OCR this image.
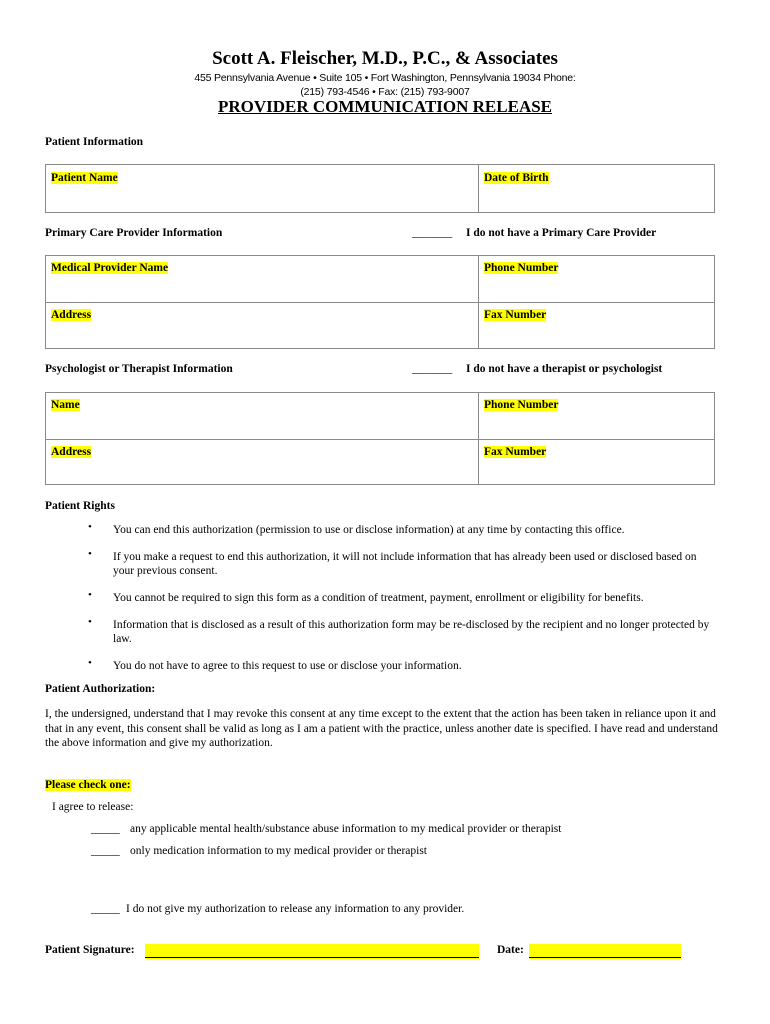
Scott A. Fleischer, M.D., P.C., & Associates
455 Pennsylvania Avenue • Suite 105 • Fort Washington, Pennsylvania 19034 Phone:
(215) 793-4546 • Fax: (215) 793-9007
PROVIDER COMMUNICATION RELEASE
Patient Information
Patient Name	Date of Birth
Primary Care Provider Information	_______ I do not have a Primary Care Provider
Medical Provider Name	Phone Number
Address	Fax Number
Psychologist or Therapist Information	_______ I do not have a therapist or psychologist
Name	Phone Number
Address	Fax Number
Patient Rights
• You can end this authorization (permission to use or disclose information) at any time by contacting this office.
• If you make a request to end this authorization, it will not include information that has already been used or disclosed based on your previous consent.
• You cannot be required to sign this form as a condition of treatment, payment, enrollment or eligibility for benefits.
• Information that is disclosed as a result of this authorization form may be re-disclosed by the recipient and no longer protected by law.
• You do not have to agree to this request to use or disclose your information.
Patient Authorization:
I, the undersigned, understand that I may revoke this consent at any time except to the extent that the action has been taken in reliance upon it and that in any event, this consent shall be valid as long as I am a patient with the practice, unless another date is specified. I have read and understand the above information and give my authorization.
Please check one:
I agree to release:
_____ any applicable mental health/substance abuse information to my medical provider or therapist
_____ only medication information to my medical provider or therapist
_____ I do not give my authorization to release any information to any provider.
Patient Signature:	Date:
